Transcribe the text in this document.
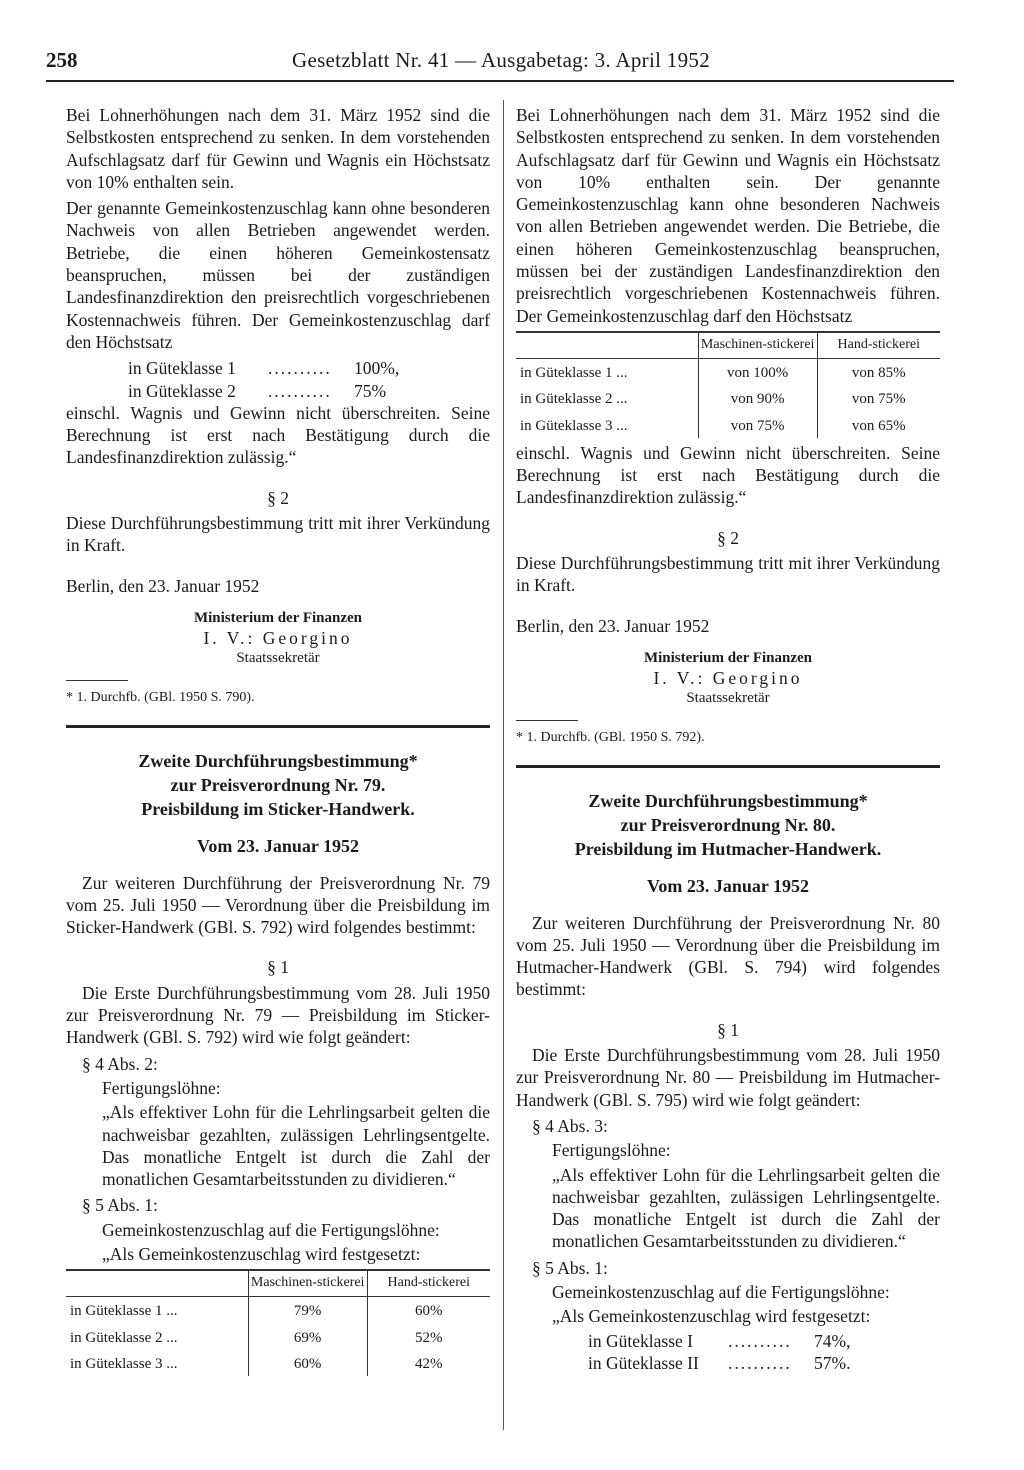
258	Gesetzblatt Nr. 41 — Ausgabetag: 3. April 1952

Bei Lohnerhöhungen nach dem 31. März 1952 sind die Selbstkosten entsprechend zu senken. In dem vorstehenden Aufschlagsatz darf für Gewinn und Wagnis ein Höchstsatz von 10% enthalten sein.

Der genannte Gemeinkostenzuschlag kann ohne besonderen Nachweis von allen Betrieben angewendet werden. Betriebe, die einen höheren Gemeinkostensatz beanspruchen, müssen bei der zuständigen Landesfinanzdirektion den preisrechtlich vorgeschriebenen Kostennachweis führen. Der Gemeinkostenzuschlag darf den Höchstsatz

in Güteklasse 1	..........	100%,
in Güteklasse 2	..........	75%

einschl. Wagnis und Gewinn nicht überschreiten. Seine Berechnung ist erst nach Bestätigung durch die Landesfinanzdirektion zulässig.“

§ 2

Diese Durchführungsbestimmung tritt mit ihrer Verkündung in Kraft.

Berlin, den 23. Januar 1952

Ministerium der Finanzen
I. V.: Georgino
Staatssekretär
* 1. Durchfb. (GBl. 1950 S. 790).
Zweite Durchführungsbestimmung*
zur Preisverordnung Nr. 79.
Preisbildung im Sticker-Handwerk.
Vom 23. Januar 1952

Zur weiteren Durchführung der Preisverordnung Nr. 79 vom 25. Juli 1950 — Verordnung über die Preisbildung im Sticker-Handwerk (GBl. S. 792) wird folgendes bestimmt:

§ 1

Die Erste Durchführungsbestimmung vom 28. Juli 1950 zur Preisverordnung Nr. 79 — Preisbildung im Sticker-Handwerk (GBl. S. 792) wird wie folgt geändert:

§ 4 Abs. 2:
Fertigungslöhne:

„Als effektiver Lohn für die Lehrlingsarbeit gelten die nachweisbar gezahlten, zulässigen Lehrlingsentgelte. Das monatliche Entgelt ist durch die Zahl der monatlichen Gesamtarbeitsstunden zu dividieren.“

§ 5 Abs. 1:
Gemeinkostenzuschlag auf die Fertigungslöhne:
„Als Gemeinkostenzuschlag wird festgesetzt:
	Maschinen-stickerei	Hand-stickerei
in Güteklasse 1 ...	79%	60%
in Güteklasse 2 ...	69%	52%
in Güteklasse 3 ...	60%	42%

Bei Lohnerhöhungen nach dem 31. März 1952 sind die Selbstkosten entsprechend zu senken. In dem vorstehenden Aufschlagsatz darf für Gewinn und Wagnis ein Höchstsatz von 10% enthalten sein. Der genannte Gemeinkostenzuschlag kann ohne besonderen Nachweis von allen Betrieben angewendet werden. Die Betriebe, die einen höheren Gemeinkostenzuschlag beanspruchen, müssen bei der zuständigen Landesfinanzdirektion den preisrechtlich vorgeschriebenen Kostennachweis führen. Der Gemeinkostenzuschlag darf den Höchstsatz

	Maschinen-stickerei	Hand-stickerei
in Güteklasse 1 ...	von 100%	von 85%
in Güteklasse 2 ...	von 90%	von 75%
in Güteklasse 3 ...	von 75%	von 65%

einschl. Wagnis und Gewinn nicht überschreiten. Seine Berechnung ist erst nach Bestätigung durch die Landesfinanzdirektion zulässig.“

§ 2

Diese Durchführungsbestimmung tritt mit ihrer Verkündung in Kraft.

Berlin, den 23. Januar 1952

Ministerium der Finanzen
I. V.: Georgino
Staatssekretär
* 1. Durchfb. (GBl. 1950 S. 792).
Zweite Durchführungsbestimmung*
zur Preisverordnung Nr. 80.
Preisbildung im Hutmacher-Handwerk.
Vom 23. Januar 1952

Zur weiteren Durchführung der Preisverordnung Nr. 80 vom 25. Juli 1950 — Verordnung über die Preisbildung im Hutmacher-Handwerk (GBl. S. 794) wird folgendes bestimmt:

§ 1

Die Erste Durchführungsbestimmung vom 28. Juli 1950 zur Preisverordnung Nr. 80 — Preisbildung im Hutmacher-Handwerk (GBl. S. 795) wird wie folgt geändert:

§ 4 Abs. 3:
Fertigungslöhne:

„Als effektiver Lohn für die Lehrlingsarbeit gelten die nachweisbar gezahlten, zulässigen Lehrlingsentgelte. Das monatliche Entgelt ist durch die Zahl der monatlichen Gesamtarbeitsstunden zu dividieren.“

§ 5 Abs. 1:
Gemeinkostenzuschlag auf die Fertigungslöhne:
„Als Gemeinkostenzuschlag wird festgesetzt:
in Güteklasse I	..........	74%,
in Güteklasse II	..........	57%.
